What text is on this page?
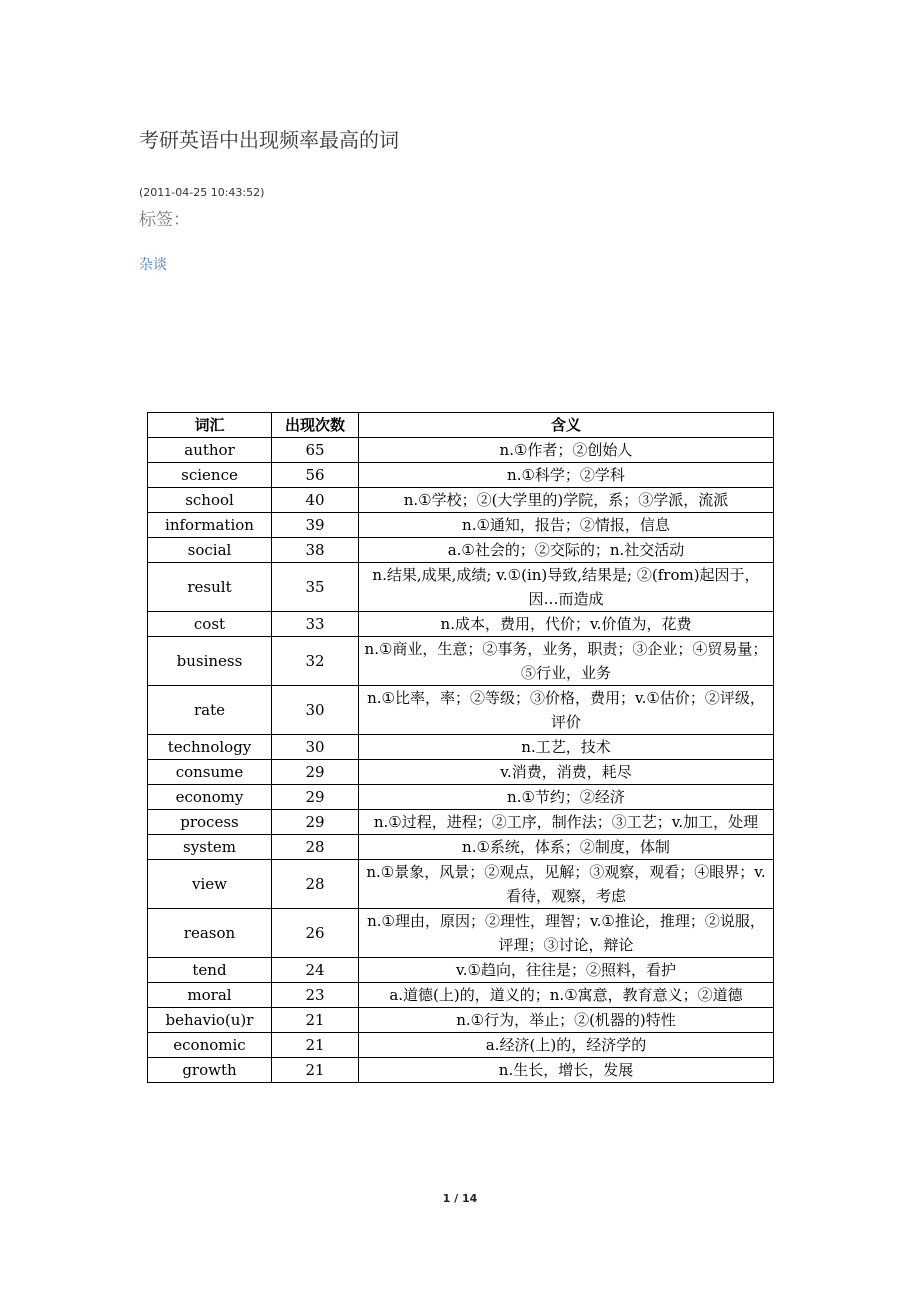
考研英语中出现频率最高的词
(2011-04-25 10:43:52)
标签：
杂谈
词汇	出现次数	含义
author	65	n.①作者；②创始人
science	56	n.①科学；②学科
school	40	n.①学校；②(大学里的)学院，系；③学派，流派
information	39	n.①通知，报告；②情报，信息
social	38	a.①社会的；②交际的；n.社交活动
result	35	n.结果,成果,成绩; v.①(in)导致,结果是; ②(from)起因于，因…而造成
cost	33	n.成本，费用，代价；v.价值为，花费
business	32	n.①商业，生意；②事务，业务，职责；③企业；④贸易量；⑤行业，业务
rate	30	n.①比率，率；②等级；③价格，费用；v.①估价；②评级，评价
technology	30	n.工艺，技术
consume	29	v.消费，消费，耗尽
economy	29	n.①节约；②经济
process	29	n.①过程，进程；②工序，制作法；③工艺；v.加工，处理
system	28	n.①系统，体系；②制度，体制
view	28	n.①景象，风景；②观点，见解；③观察，观看；④眼界；v.看待，观察，考虑
reason	26	n.①理由，原因；②理性，理智；v.①推论，推理；②说服，评理；③讨论，辩论
tend	24	v.①趋向，往往是；②照料，看护
moral	23	a.道德(上)的，道义的；n.①寓意，教育意义；②道德
behavio(u)r	21	n.①行为，举止；②(机器的)特性
economic	21	a.经济(上)的，经济学的
growth	21	n.生长，增长，发展
1 / 14
